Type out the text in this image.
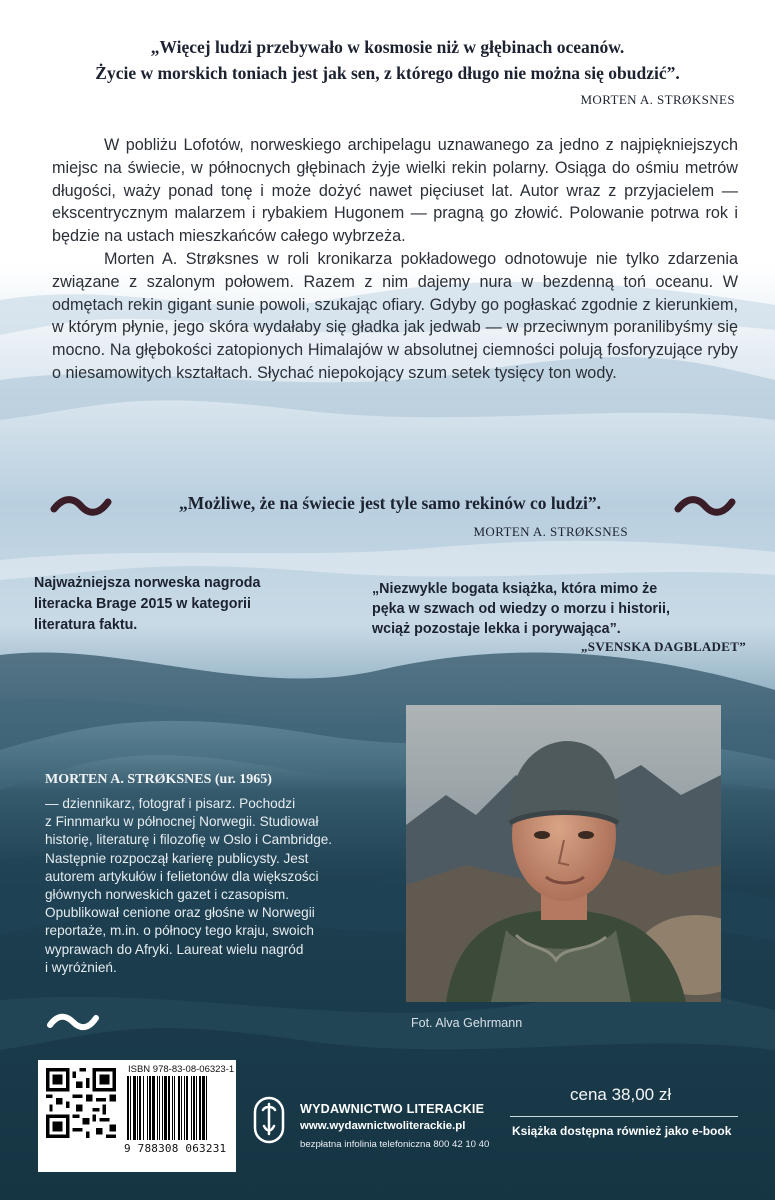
„Więcej ludzi przebywało w kosmosie niż w głębinach oceanów.
Życie w morskich toniach jest jak sen, z którego długo nie można się obudzić”.
MORTEN A. STRØKSNES

W pobliżu Lofotów, norweskiego archipelagu uznawanego za jedno z najpiękniejszych miejsc na świecie, w północnych głębinach żyje wielki rekin polarny. Osiąga do ośmiu metrów długości, waży ponad tonę i może dożyć nawet pięciuset lat. Autor wraz z przyjacielem — ekscentrycznym malarzem i rybakiem Hugonem — pragną go złowić. Polowanie potrwa rok i będzie na ustach mieszkańców całego wybrzeża.

Morten A. Strøksnes w roli kronikarza pokładowego odnotowuje nie tylko zdarzenia związane z szalonym połowem. Razem z nim dajemy nura w bezdenną toń oceanu. W odmętach rekin gigant sunie powoli, szukając ofiary. Gdyby go pogłaskać zgodnie z kierunkiem, w którym płynie, jego skóra wydałaby się gładka jak jedwab — w przeciwnym poranilibyśmy się mocno. Na głębokości zatopionych Himalajów w absolutnej ciemności polują fosforyzujące ryby o niesamowitych kształtach. Słychać niepokojący szum setek tysięcy ton wody.

„Możliwe, że na świecie jest tyle samo rekinów co ludzi”.
MORTEN A. STRØKSNES
Najważniejsza norweska nagroda
literacka Brage 2015 w kategorii
literatura faktu.
„Niezwykle bogata książka, która mimo że
pęka w szwach od wiedzy o morzu i historii,
wciąż pozostaje lekka i porywająca”.
„SVENSKA DAGBLADET”
MORTEN A. STRØKSNES (ur. 1965)
— dziennikarz, fotograf i pisarz. Pochodzi
z Finnmarku w północnej Norwegii. Studiował
historię, literaturę i filozofię w Oslo i Cambridge.
Następnie rozpoczął karierę publicysty. Jest
autorem artykułów i felietonów dla większości
głównych norweskich gazet i czasopism.
Opublikował cenione oraz głośne w Norwegii
reportaże, m.in. o północy tego kraju, swoich
wyprawach do Afryki. Laureat wielu nagród
i wyróżnień.
Fot. Alva Gehrmann
ISBN 978-83-08-06323-1
9 788308 063231
WYDAWNICTWO LITERACKIE
www.wydawnictwoliterackie.pl
bezpłatna infolinia telefoniczna 800 42 10 40
cena 38,00 zł
Książka dostępna również jako e-book
